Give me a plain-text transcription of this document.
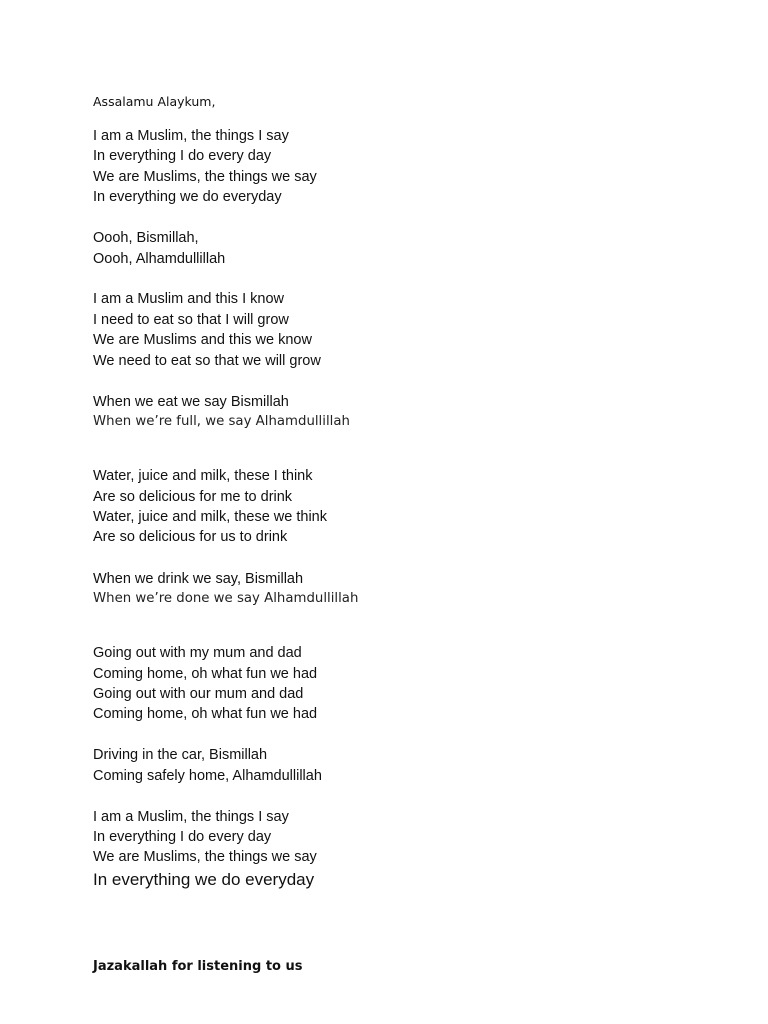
Assalamu Alaykum,
I am a Muslim, the things I say
In everything I do every day
We are Muslims, the things we say
In everything we do everyday
Oooh, Bismillah,
Oooh, Alhamdullillah
I am a Muslim and this I know
I need to eat so that I will grow
We are Muslims and this we know
We need to eat so that we will grow
When we eat we say Bismillah
When we’re full, we say Alhamdullillah
Water, juice and milk, these I think
Are so delicious for me to drink
Water, juice and milk, these we think
Are so delicious for us to drink
When we drink we say, Bismillah
When we’re done we say Alhamdullillah
Going out with my mum and dad
Coming home, oh what fun we had
Going out with our mum and dad
Coming home, oh what fun we had
Driving in the car, Bismillah
Coming safely home, Alhamdullillah
I am a Muslim, the things I say
In everything I do every day
We are Muslims, the things we say
In everything we do everyday
Jazakallah for listening to us
